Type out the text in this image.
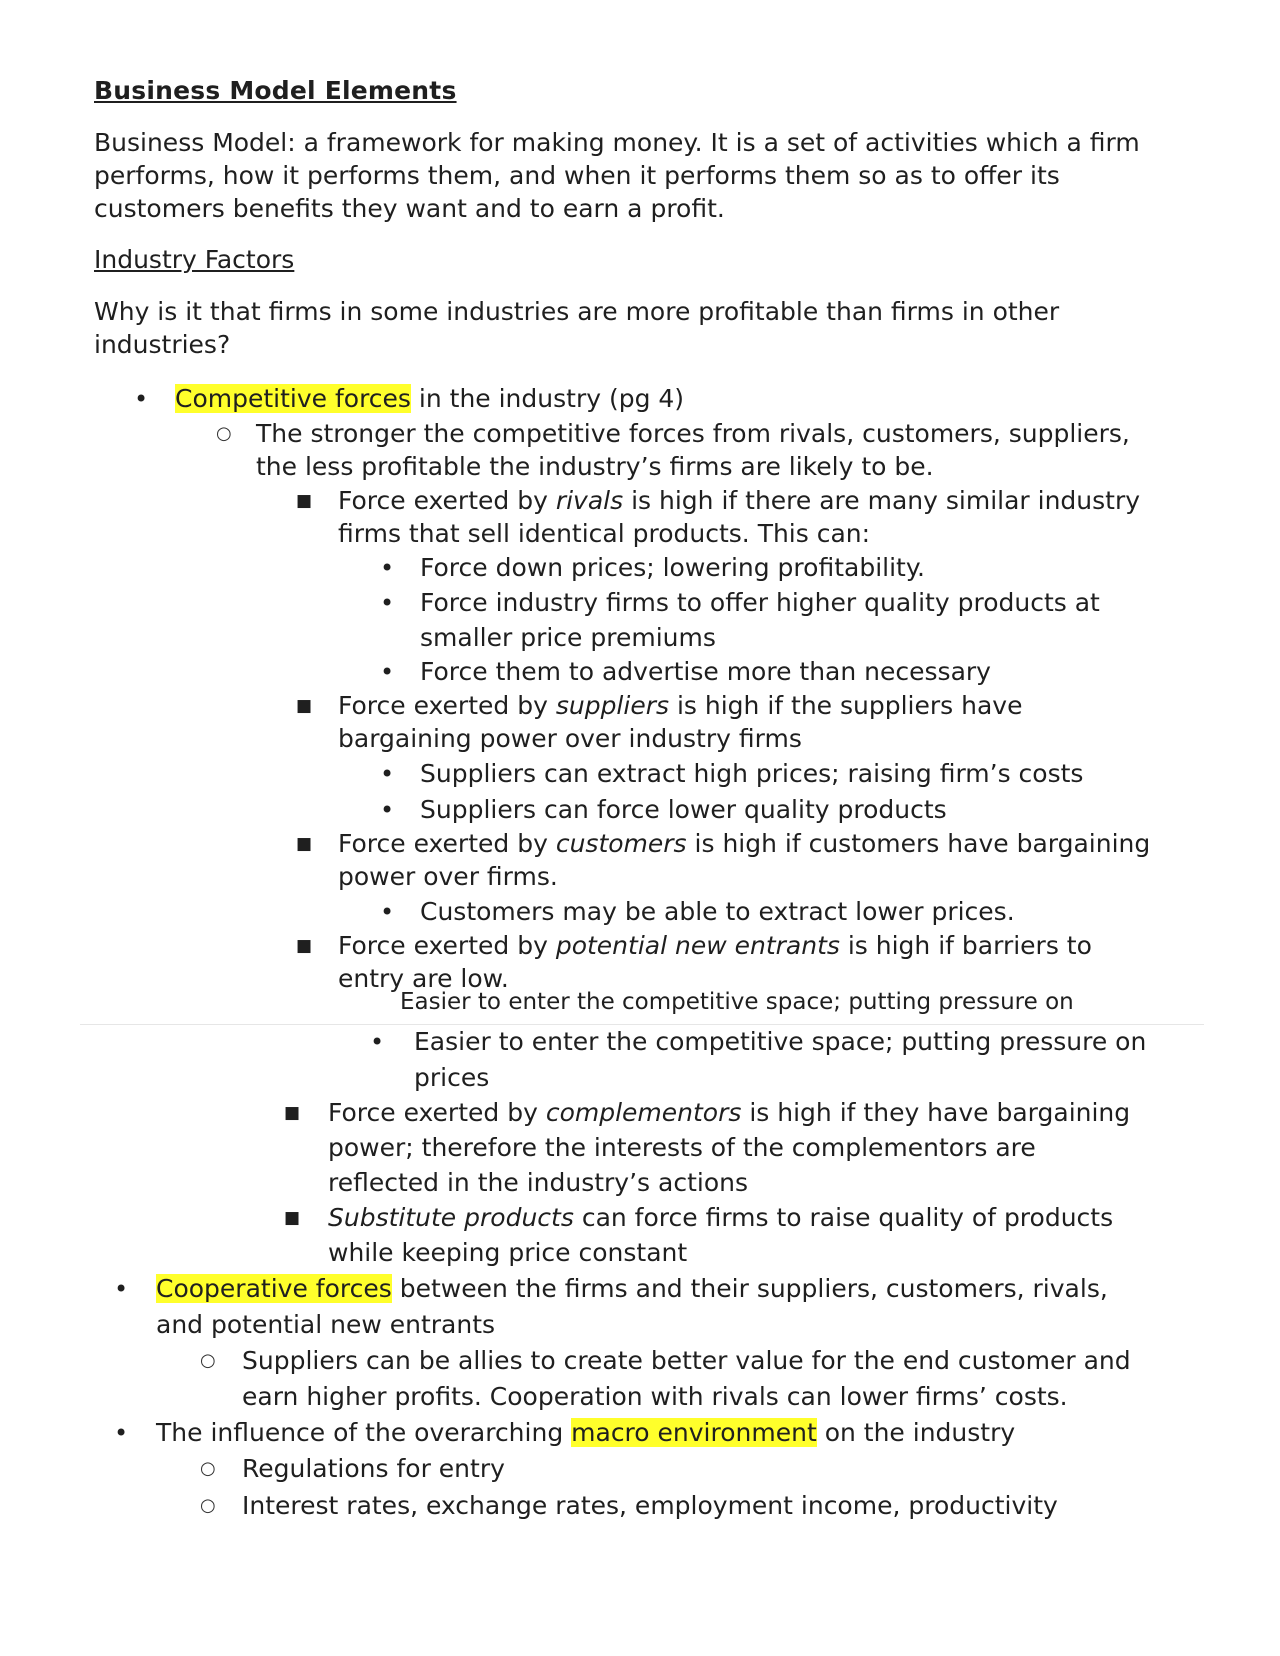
Business Model Elements
Business Model: a framework for making money. It is a set of activities which a firm
performs, how it performs them, and when it performs them so as to offer its
customers benefits they want and to earn a profit.
Industry Factors
Why is it that firms in some industries are more profitable than firms in other
industries?
• Competitive forces in the industry (pg 4)
○ The stronger the competitive forces from rivals, customers, suppliers,
the less profitable the industry’s firms are likely to be.
■ Force exerted by rivals is high if there are many similar industry
firms that sell identical products. This can:
• Force down prices; lowering profitability.
• Force industry firms to offer higher quality products at
smaller price premiums
• Force them to advertise more than necessary
■ Force exerted by suppliers is high if the suppliers have
bargaining power over industry firms
• Suppliers can extract high prices; raising firm’s costs
• Suppliers can force lower quality products
■ Force exerted by customers is high if customers have bargaining
power over firms.
• Customers may be able to extract lower prices.
■ Force exerted by potential new entrants is high if barriers to
entry are low.
Easier to enter the competitive space; putting pressure on
• Easier to enter the competitive space; putting pressure on
prices
■ Force exerted by complementors is high if they have bargaining
power; therefore the interests of the complementors are
reflected in the industry’s actions
■ Substitute products can force firms to raise quality of products
while keeping price constant
• Cooperative forces between the firms and their suppliers, customers, rivals,
and potential new entrants
○ Suppliers can be allies to create better value for the end customer and
earn higher profits. Cooperation with rivals can lower firms’ costs.
• The influence of the overarching macro environment on the industry
○ Regulations for entry
○ Interest rates, exchange rates, employment income, productivity
